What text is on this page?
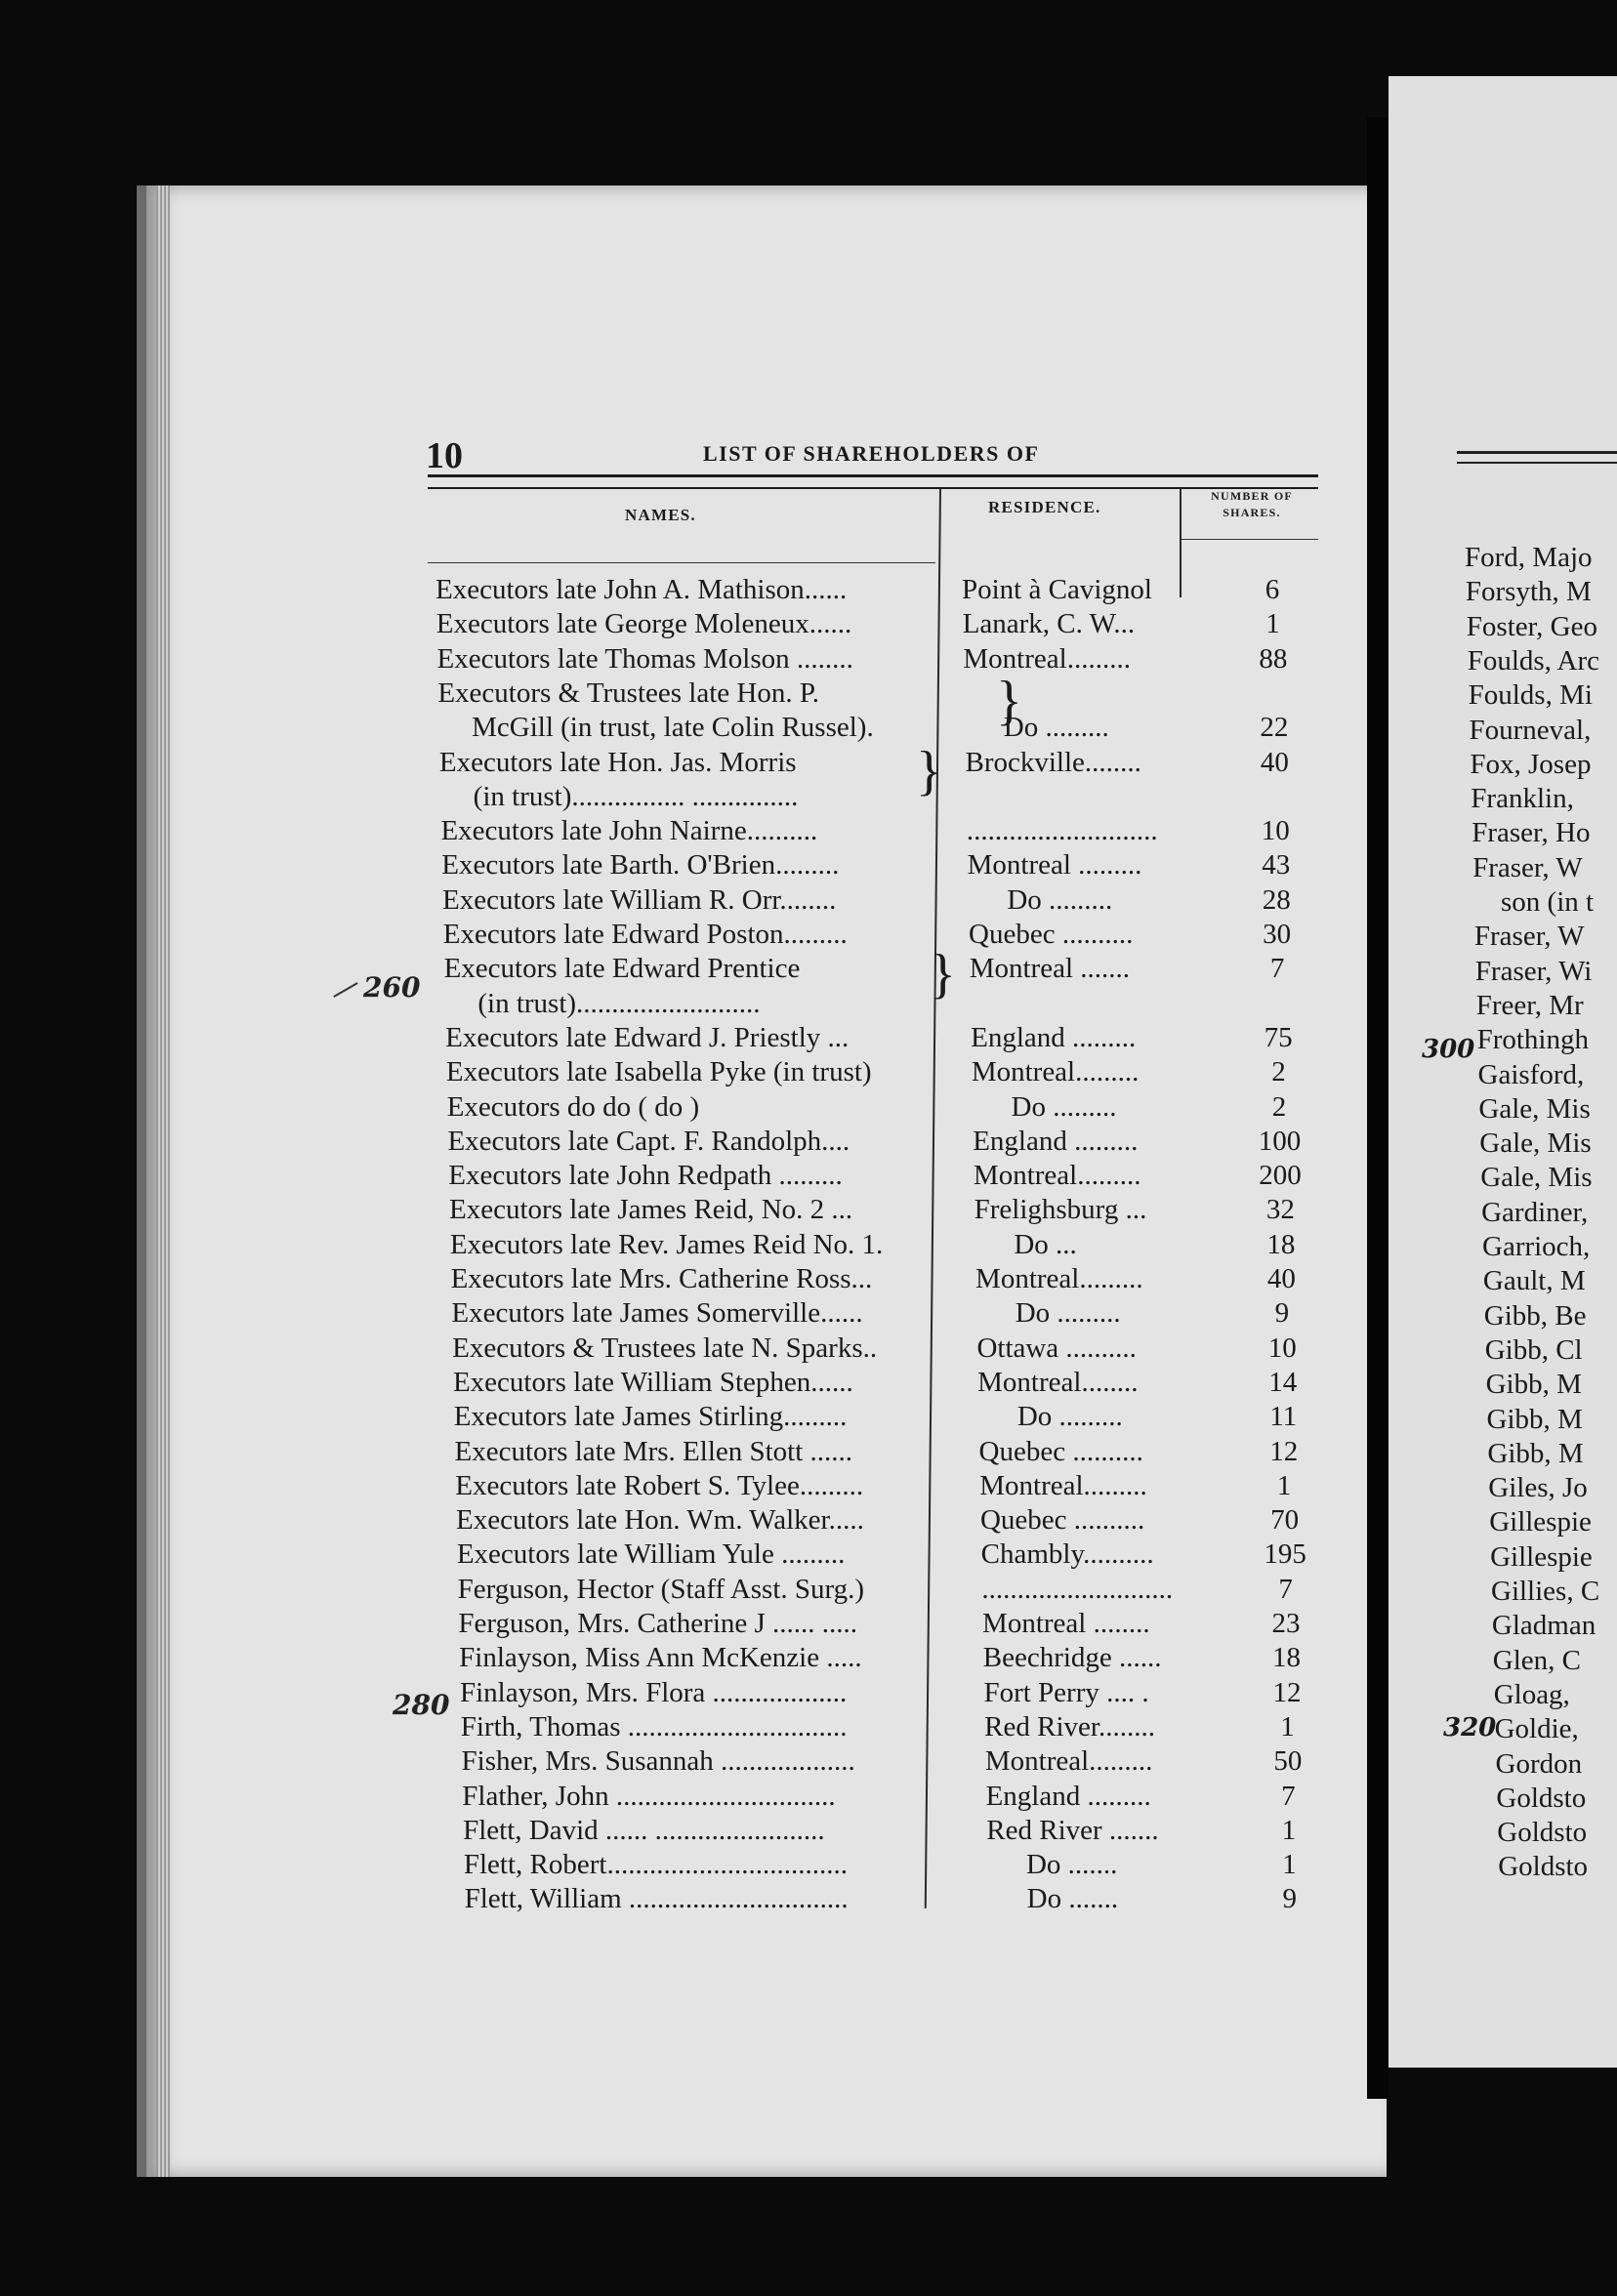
10	LIST OF SHAREHOLDERS OF
NAMES.	RESIDENCE.
NUMBER OF
SHARES.
Executors late John A. Mathison......	Point à Cavignol	6
Executors late George Moleneux......	Lanark, C. W...	1
Executors late Thomas Molson ........	Montreal.........	88
Executors & Trustees late Hon. P.
McGill (in trust, late Colin Russel).	Do .........	22
Executors late Hon. Jas. Morris	Brockville........	40
(in trust)................ ...............
Executors late John Nairne..........	...........................	10
Executors late Barth. O'Brien.........	Montreal .........	43
Executors late William R. Orr........	Do .........	28
Executors late Edward Poston.........	Quebec ..........	30
Executors late Edward Prentice	Montreal .......	7
(in trust)..........................
Executors late Edward J. Priestly ...	England .........	75
Executors late Isabella Pyke (in trust)	Montreal.........	2
Executors do do ( do )	Do .........	2
Executors late Capt. F. Randolph....	England .........	100
Executors late John Redpath .........	Montreal.........	200
Executors late James Reid, No. 2 ...	Frelighsburg ...	32
Executors late Rev. James Reid No. 1.	Do ...	18
Executors late Mrs. Catherine Ross...	Montreal.........	40
Executors late James Somerville......	Do .........	9
Executors & Trustees late N. Sparks..	Ottawa ..........	10
Executors late William Stephen......	Montreal........	14
Executors late James Stirling.........	Do .........	11
Executors late Mrs. Ellen Stott ......	Quebec ..........	12
Executors late Robert S. Tylee.........	Montreal.........	1
Executors late Hon. Wm. Walker.....	Quebec ..........	70
Executors late William Yule .........	Chambly..........	195
Ferguson, Hector (Staff Asst. Surg.)	...........................	7
Ferguson, Mrs. Catherine J ...... .....	Montreal ........	23
Finlayson, Miss Ann McKenzie .....	Beechridge ......	18
Finlayson, Mrs. Flora ...................	Fort Perry .... .	12
Firth, Thomas ...............................	Red River........	1
Fisher, Mrs. Susannah ...................	Montreal.........	50
Flather, John ...............................	England .........	7
Flett, David ...... ........................	Red River .......	1
Flett, Robert..................................	Do .......	1
Flett, William ...............................	Do .......	9
}
}
}
260
280
Ford, Majo
Forsyth, M
Foster, Geo
Foulds, Arc
Foulds, Mi
Fourneval,
Fox, Josep
Franklin,
Fraser, Ho
Fraser, W
son (in t
Fraser, W
Fraser, Wi
Freer, Mr
Frothingh
Gaisford,
Gale, Mis
Gale, Mis
Gale, Mis
Gardiner,
Garrioch,
Gault, M
Gibb, Be
Gibb, Cl
Gibb, M
Gibb, M
Gibb, M
Giles, Jo
Gillespie
Gillespie
Gillies, C
Gladman
Glen, C
Gloag,
Goldie,
Gordon
Goldsto
Goldsto
Goldsto
300
320
